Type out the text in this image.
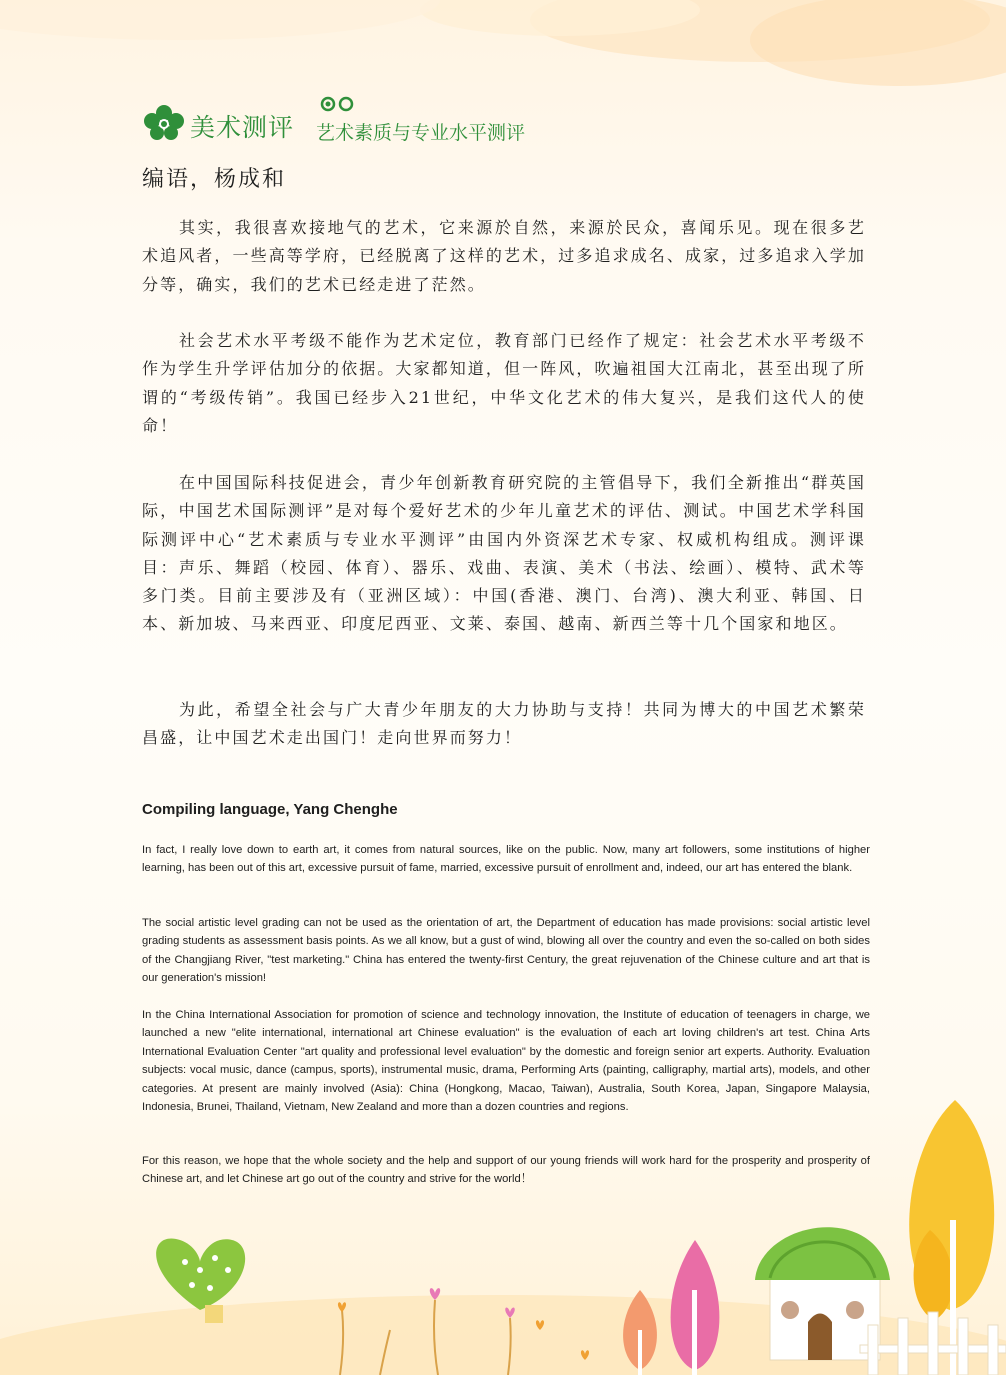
美术测评 艺术素质与专业水平测评
编语，杨成和

其实，我很喜欢接地气的艺术，它来源於自然，来源於民众，喜闻乐见。现在很多艺术追风者，一些高等学府，已经脱离了这样的艺术，过多追求成名、成家，过多追求入学加分等，确实，我们的艺术已经走进了茫然。

社会艺术水平考级不能作为艺术定位，教育部门已经作了规定：社会艺术水平考级不作为学生升学评估加分的依据。大家都知道，但一阵风，吹遍祖国大江南北，甚至出现了所谓的“考级传销”。我国已经步入21世纪，中华文化艺术的伟大复兴，是我们这代人的使命！

在中国国际科技促进会，青少年创新教育研究院的主管倡导下，我们全新推出“群英国际，中国艺术国际测评”是对每个爱好艺术的少年儿童艺术的评估、测试。中国艺术学科国际测评中心“艺术素质与专业水平测评”由国内外资深艺术专家、权威机构组成。测评课目：声乐、舞蹈（校园、体育）、器乐、戏曲、表演、美术（书法、绘画）、模特、武术等多门类。目前主要涉及有（亚洲区域）：中国(香港、澳门、台湾)、澳大利亚、韩国、日本、新加坡、马来西亚、印度尼西亚、文莱、泰国、越南、新西兰等十几个国家和地区。

为此，希望全社会与广大青少年朋友的大力协助与支持！共同为博大的中国艺术繁荣昌盛，让中国艺术走出国门！走向世界而努力！

Compiling language, Yang Chenghe

In fact, I really love down to earth art, it comes from natural sources, like on the public. Now, many art followers, some institutions of higher learning, has been out of this art, excessive pursuit of fame, married, excessive pursuit of enrollment and, indeed, our art has entered the blank.

The social artistic level grading can not be used as the orientation of art, the Department of education has made provisions: social artistic level grading students as assessment basis points. As we all know, but a gust of wind, blowing all over the country and even the so-called on both sides of the Changjiang River, "test marketing." China has entered the twenty-first Century, the great rejuvenation of the Chinese culture and art that is our generation's mission!

In the China International Association for promotion of science and technology innovation, the Institute of education of teenagers in charge, we launched a new "elite international, international art Chinese evaluation" is the evaluation of each art loving children's art test. China Arts International Evaluation Center "art quality and professional level evaluation" by the domestic and foreign senior art experts. Authority. Evaluation subjects: vocal music, dance (campus, sports), instrumental music, drama, Performing Arts (painting, calligraphy, martial arts), models, and other categories. At present are mainly involved (Asia): China (Hongkong, Macao, Taiwan), Australia, South Korea, Japan, Singapore Malaysia, Indonesia, Brunei, Thailand, Vietnam, New Zealand and more than a dozen countries and regions.

For this reason, we hope that the whole society and the help and support of our young friends will work hard for the prosperity and prosperity of Chinese art, and let Chinese art go out of the country and strive for the world！
